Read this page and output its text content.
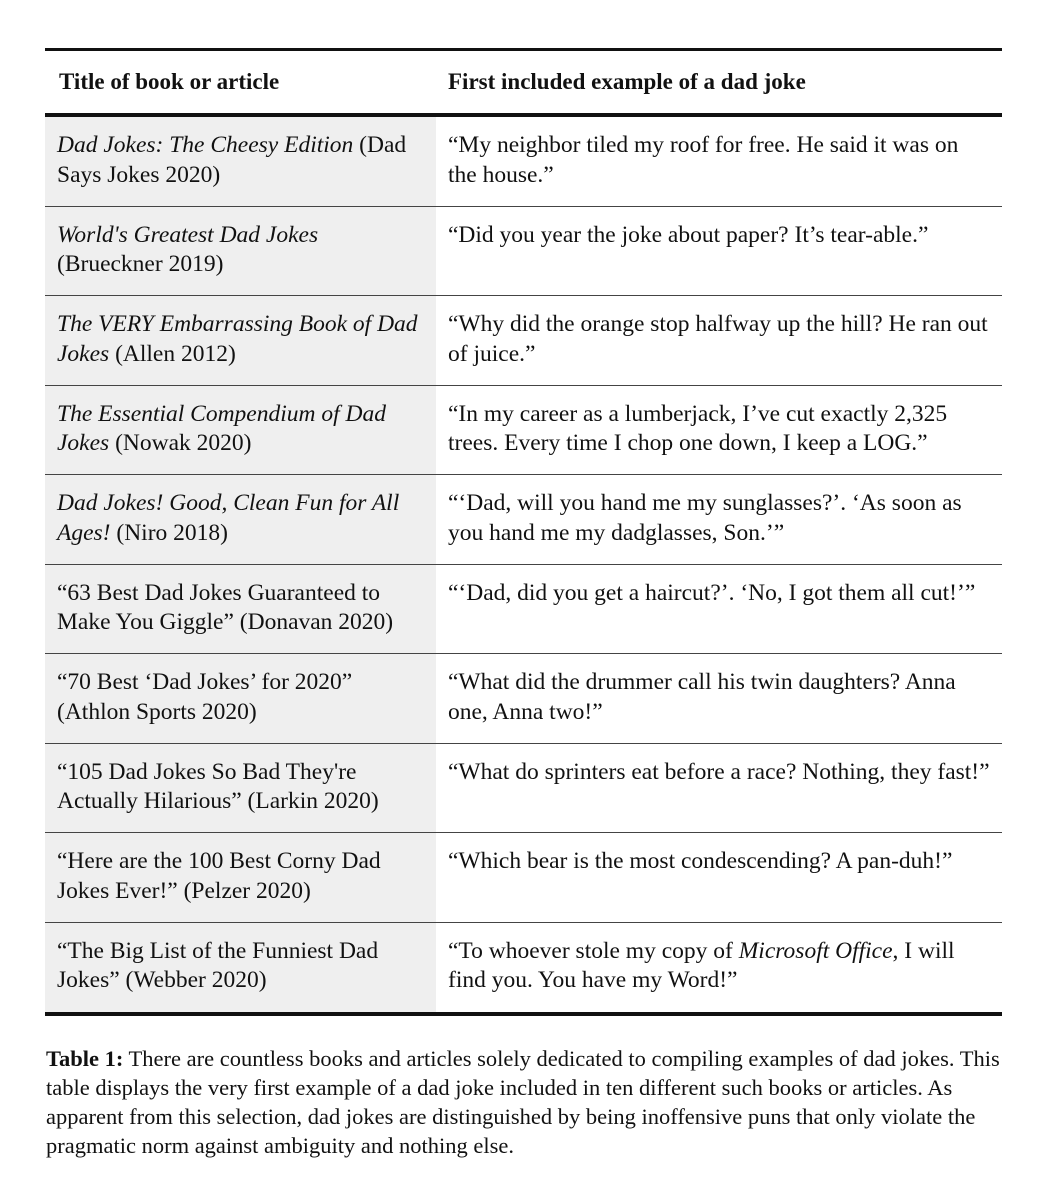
Title of book or article	First included example of a dad joke
Dad Jokes: The Cheesy Edition (Dad Says Jokes 2020)
“My neighbor tiled my roof for free. He said it was on the house.”
World's Greatest Dad Jokes (Brueckner 2019)
“Did you year the joke about paper? It’s tear-able.”
The VERY Embarrassing Book of Dad Jokes (Allen 2012)
“Why did the orange stop halfway up the hill? He ran out of juice.”
The Essential Compendium of Dad Jokes (Nowak 2020)
“In my career as a lumberjack, I’ve cut exactly 2,325 trees. Every time I chop one down, I keep a LOG.”
Dad Jokes! Good, Clean Fun for All Ages! (Niro 2018)
“‘Dad, will you hand me my sunglasses?’. ‘As soon as you hand me my dadglasses, Son.’”
“63 Best Dad Jokes Guaranteed to Make You Giggle” (Donavan 2020)
“‘Dad, did you get a haircut?’. ‘No, I got them all cut!’”
“70 Best ‘Dad Jokes’ for 2020” (Athlon Sports 2020)
“What did the drummer call his twin daughters? Anna one, Anna two!”
“105 Dad Jokes So Bad They're Actually Hilarious” (Larkin 2020)
“What do sprinters eat before a race? Nothing, they fast!”
“Here are the 100 Best Corny Dad Jokes Ever!” (Pelzer 2020)
“Which bear is the most condescending? A pan-duh!”
“The Big List of the Funniest Dad Jokes” (Webber 2020)
“To whoever stole my copy of Microsoft Office, I will find you. You have my Word!”
Table 1: There are countless books and articles solely dedicated to compiling examples of dad jokes. This table displays the very first example of a dad joke included in ten different such books or articles. As apparent from this selection, dad jokes are distinguished by being inoffensive puns that only violate the pragmatic norm against ambiguity and nothing else.
